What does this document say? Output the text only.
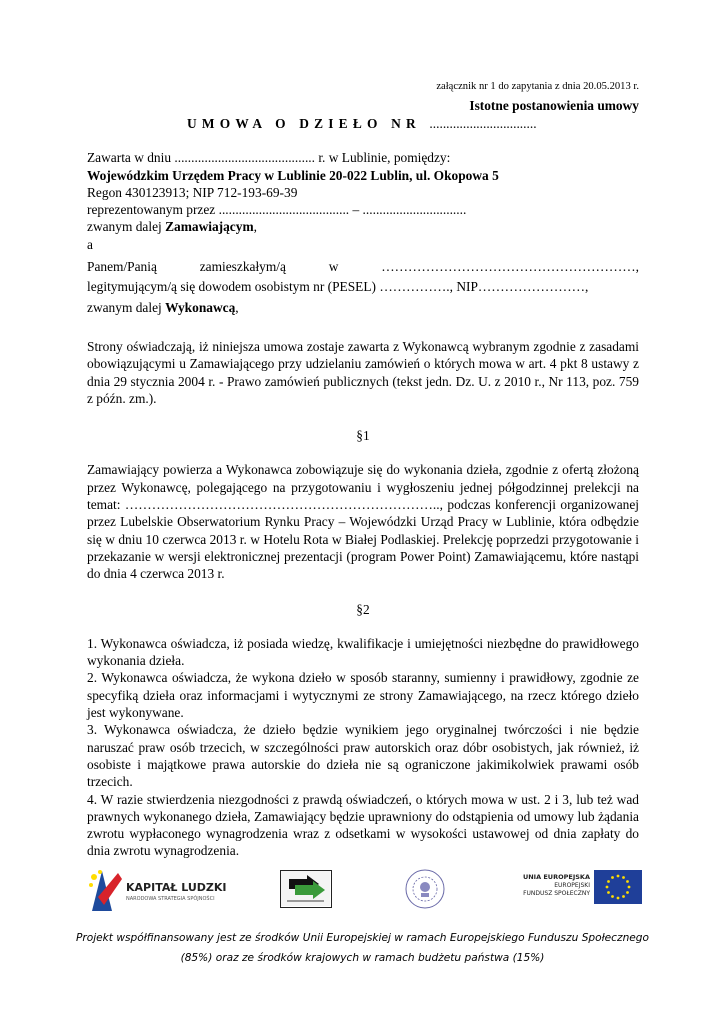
załącznik nr 1 do zapytania z dnia 20.05.2013 r.

Istotne postanowienia umowy

UMOWA O DZIEŁO NR ................................

Zawarta w dniu .......................................... r. w Lublinie, pomiędzy:

Wojewódzkim Urzędem Pracy w Lublinie 20-022 Lublin, ul. Okopowa 5

Regon 430123913; NIP 712-193-69-39

reprezentowanym przez ....................................... – ...............................

zwanym dalej Zamawiającym,

a

Panem/Panią	zamieszkałym/ą	w	…………………………………………………,

legitymującym/ą się dowodem osobistym nr (PESEL) ……………., NIP……………………,

zwanym dalej Wykonawcą,

Strony oświadczają, iż niniejsza umowa zostaje zawarta z Wykonawcą wybranym zgodnie z zasadami obowiązującymi u Zamawiającego przy udzielaniu zamówień o których mowa w art. 4 pkt 8 ustawy z dnia 29 stycznia 2004 r. - Prawo zamówień publicznych (tekst jedn. Dz. U. z 2010 r., Nr 113, poz. 759 z późn. zm.).

§1

Zamawiający powierza a Wykonawca zobowiązuje się do wykonania dzieła, zgodnie z ofertą złożoną przez Wykonawcę, polegającego na przygotowaniu i wygłoszeniu jednej półgodzinnej prelekcji na temat: …………………………………………………………….., podczas konferencji organizowanej przez Lubelskie Obserwatorium Rynku Pracy – Wojewódzki Urząd Pracy w Lublinie, która odbędzie się w dniu 10 czerwca 2013 r. w Hotelu Rota w Białej Podlaskiej. Prelekcję poprzedzi przygotowanie i przekazanie w wersji elektronicznej prezentacji (program Power Point) Zamawiającemu, które nastąpi do dnia 4 czerwca 2013 r.

§2

1. Wykonawca oświadcza, iż posiada wiedzę, kwalifikacje i umiejętności niezbędne do prawidłowego wykonania dzieła.

2. Wykonawca oświadcza, że wykona dzieło w sposób staranny, sumienny i prawidłowy, zgodnie ze specyfiką dzieła oraz informacjami i wytycznymi ze strony Zamawiającego, na rzecz którego dzieło jest wykonywane.

3. Wykonawca oświadcza, że dzieło będzie wynikiem jego oryginalnej twórczości i nie będzie naruszać praw osób trzecich, w szczególności praw autorskich oraz dóbr osobistych, jak również, iż osobiste i majątkowe prawa autorskie do dzieła nie są ograniczone jakimikolwiek prawami osób trzecich.

4. W razie stwierdzenia niezgodności z prawdą oświadczeń, o których mowa w ust. 2 i 3, lub też wad prawnych wykonanego dzieła, Zamawiający będzie uprawniony do odstąpienia od umowy lub żądania zwrotu wypłaconego wynagrodzenia wraz z odsetkami w wysokości ustawowej od dnia zapłaty do dnia zwrotu wynagrodzenia.

KAPITAŁ LUDZKI
NARODOWA STRATEGIA SPÓJNOŚCI
UNIA EUROPEJSKA
EUROPEJSKI
FUNDUSZ SPOŁECZNY
Projekt współfinansowany jest ze środków Unii Europejskiej w ramach Europejskiego Funduszu Społecznego
(85%) oraz ze środków krajowych w ramach budżetu państwa (15%)
